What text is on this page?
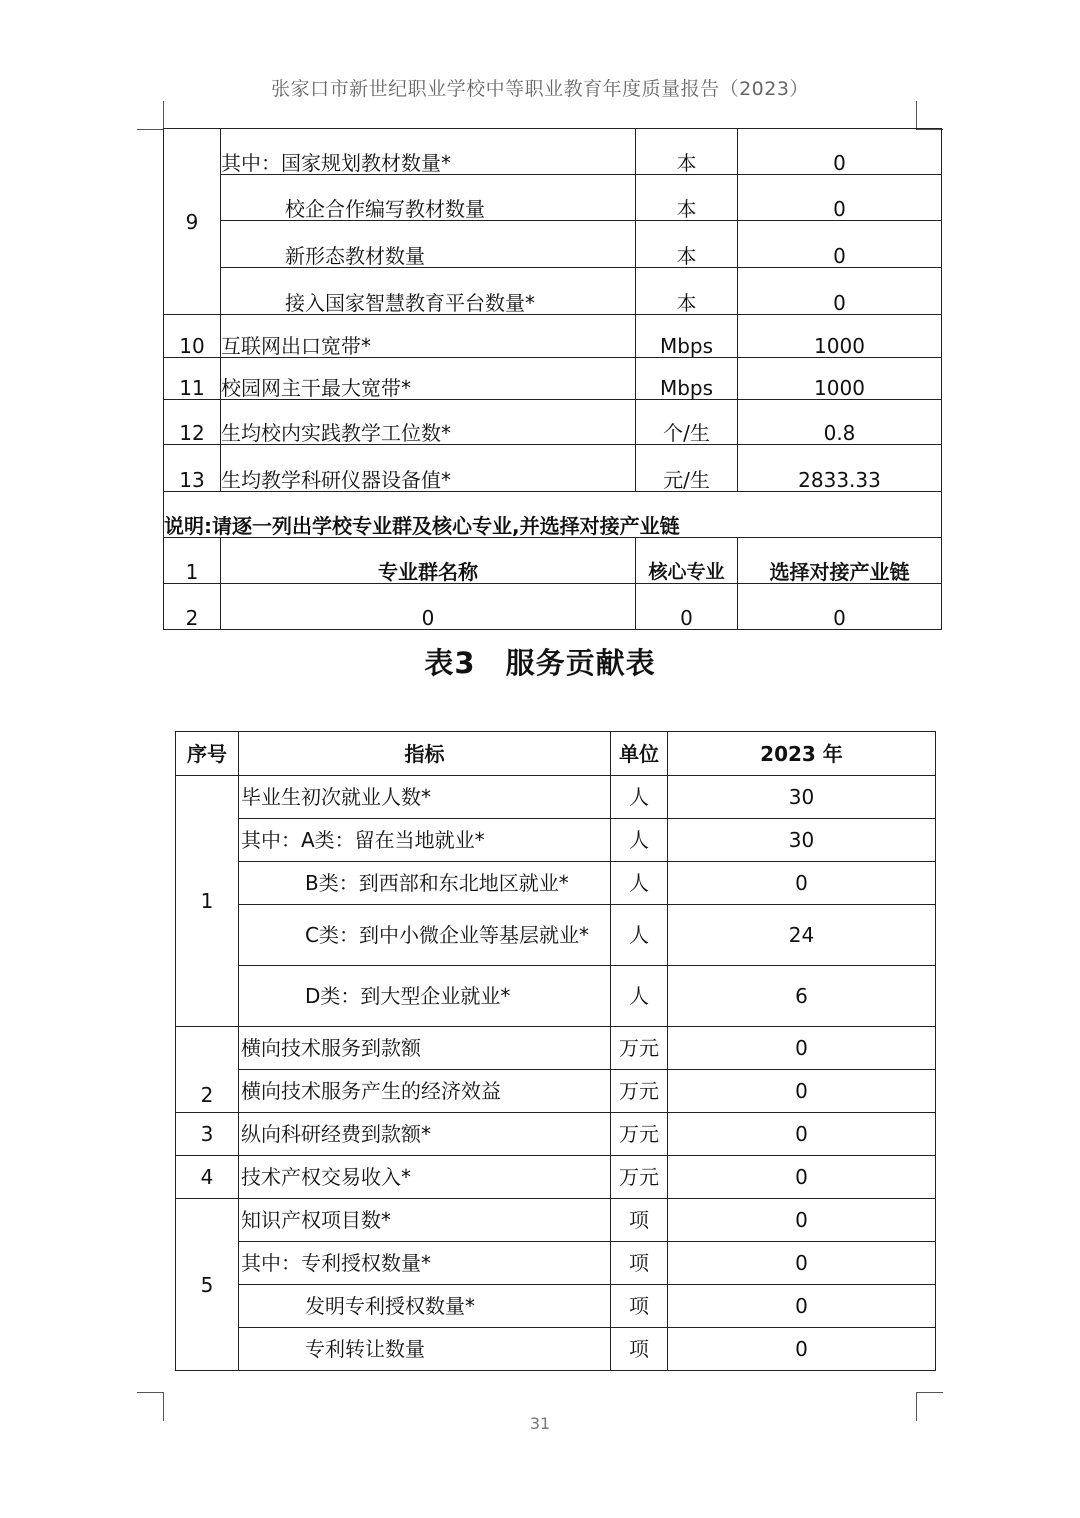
张家口市新世纪职业学校中等职业教育年度质量报告（2023）
9	其中：国家规划教材数量*	本	0
	校企合作编写教材数量	本	0
	新形态教材数量	本	0
	接入国家智慧教育平台数量*	本	0
10	互联网出口宽带*	Mbps	1000
11	校园网主干最大宽带*	Mbps	1000
12	生均校内实践教学工位数*	个/生	0.8
13	生均教学科研仪器设备值*	元/生	2833.33
说明:请逐一列出学校专业群及核心专业,并选择对接产业链			
1	专业群名称	核心专业	选择对接产业链
2	0	0	0
表3　服务贡献表
序号	指标	单位	2023 年
1	毕业生初次就业人数*	人	30
	其中：A类：留在当地就业*	人	30
	B类：到西部和东北地区就业*	人	0
	C类：到中小微企业等基层就业*	人	24
	D类：到大型企业就业*	人	6
2	横向技术服务到款额	万元	0
	横向技术服务产生的经济效益	万元	0
3	纵向科研经费到款额*	万元	0
4	技术产权交易收入*	万元	0
5	知识产权项目数*	项	0
	其中：专利授权数量*	项	0
	发明专利授权数量*	项	0
	专利转让数量	项	0
31
